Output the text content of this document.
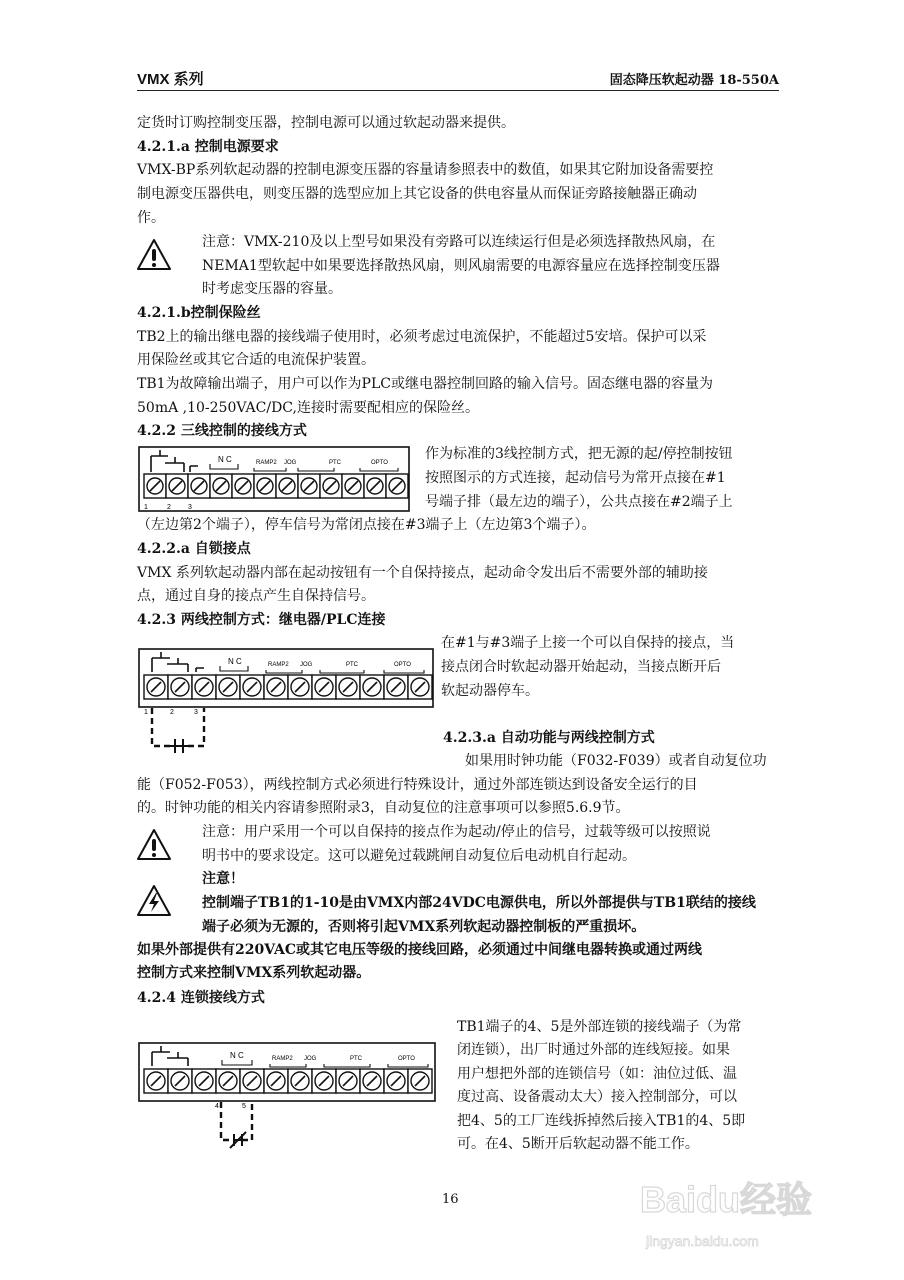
VMX 系列	固态降压软起动器 18-550A
定货时订购控制变压器，控制电源可以通过软起动器来提供。
4.2.1.a 控制电源要求
VMX-BP系列软起动器的控制电源变压器的容量请参照表中的数值，如果其它附加设备需要控
制电源变压器供电，则变压器的选型应加上其它设备的供电容量从而保证旁路接触器正确动
作。
注意：VMX-210及以上型号如果没有旁路可以连续运行但是必须选择散热风扇，在
NEMA1型软起中如果要选择散热风扇，则风扇需要的电源容量应在选择控制变压器
时考虑变压器的容量。
4.2.1.b控制保险丝
TB2上的输出继电器的接线端子使用时，必须考虑过电流保护，不能超过5安培。保护可以采
用保险丝或其它合适的电流保护装置。
TB1为故障输出端子，用户可以作为PLC或继电器控制回路的输入信号。固态继电器的容量为
50mA ,10-250VAC/DC,连接时需要配相应的保险丝。
4.2.2 三线控制的接线方式
N C	RAMP2 JOG	PTC	OPTO
1	2 3
作为标准的3线控制方式，把无源的起/停控制按钮
按照图示的方式连接，起动信号为常开点接在#1
号端子排（最左边的端子），公共点接在#2端子上
（左边第2个端子），停车信号为常闭点接在#3端子上（左边第3个端子）。
4.2.2.a 自锁接点
VMX 系列软起动器内部在起动按钮有一个自保持接点，起动命令发出后不需要外部的辅助接
点，通过自身的接点产生自保持信号。
4.2.3 两线控制方式：继电器/PLC连接
N C	RAMP2 JOG	PTC	OPTO
1	2	3
在#1与#3端子上接一个可以自保持的接点，当
接点闭合时软起动器开始起动，当接点断开后
软起动器停车。
4.2.3.a 自动功能与两线控制方式
如果用时钟功能（F032-F039）或者自动复位功
能（F052-F053），两线控制方式必须进行特殊设计，通过外部连锁达到设备安全运行的目
的。时钟功能的相关内容请参照附录3，自动复位的注意事项可以参照5.6.9节。
注意：用户采用一个可以自保持的接点作为起动/停止的信号，过载等级可以按照说
明书中的要求设定。这可以避免过载跳闸自动复位后电动机自行起动。
注意！
控制端子TB1的1-10是由VMX内部24VDC电源供电，所以外部提供与TB1联结的接线
端子必须为无源的，否则将引起VMX系列软起动器控制板的严重损坏。
如果外部提供有220VAC或其它电压等级的接线回路，必须通过中间继电器转换或通过两线
控制方式来控制VMX系列软起动器。
4.2.4 连锁接线方式
N C	RAMP2 JOG	PTC	OPTO
4	5
TB1端子的4、5是外部连锁的接线端子（为常
闭连锁），出厂时通过外部的连线短接。如果
用户想把外部的连锁信号（如：油位过低、温
度过高、设备震动太大）接入控制部分，可以
把4、5的工厂连线拆掉然后接入TB1的4、5即
可。在4、5断开后软起动器不能工作。
16	Baidu经验
jingyan.baidu.com
